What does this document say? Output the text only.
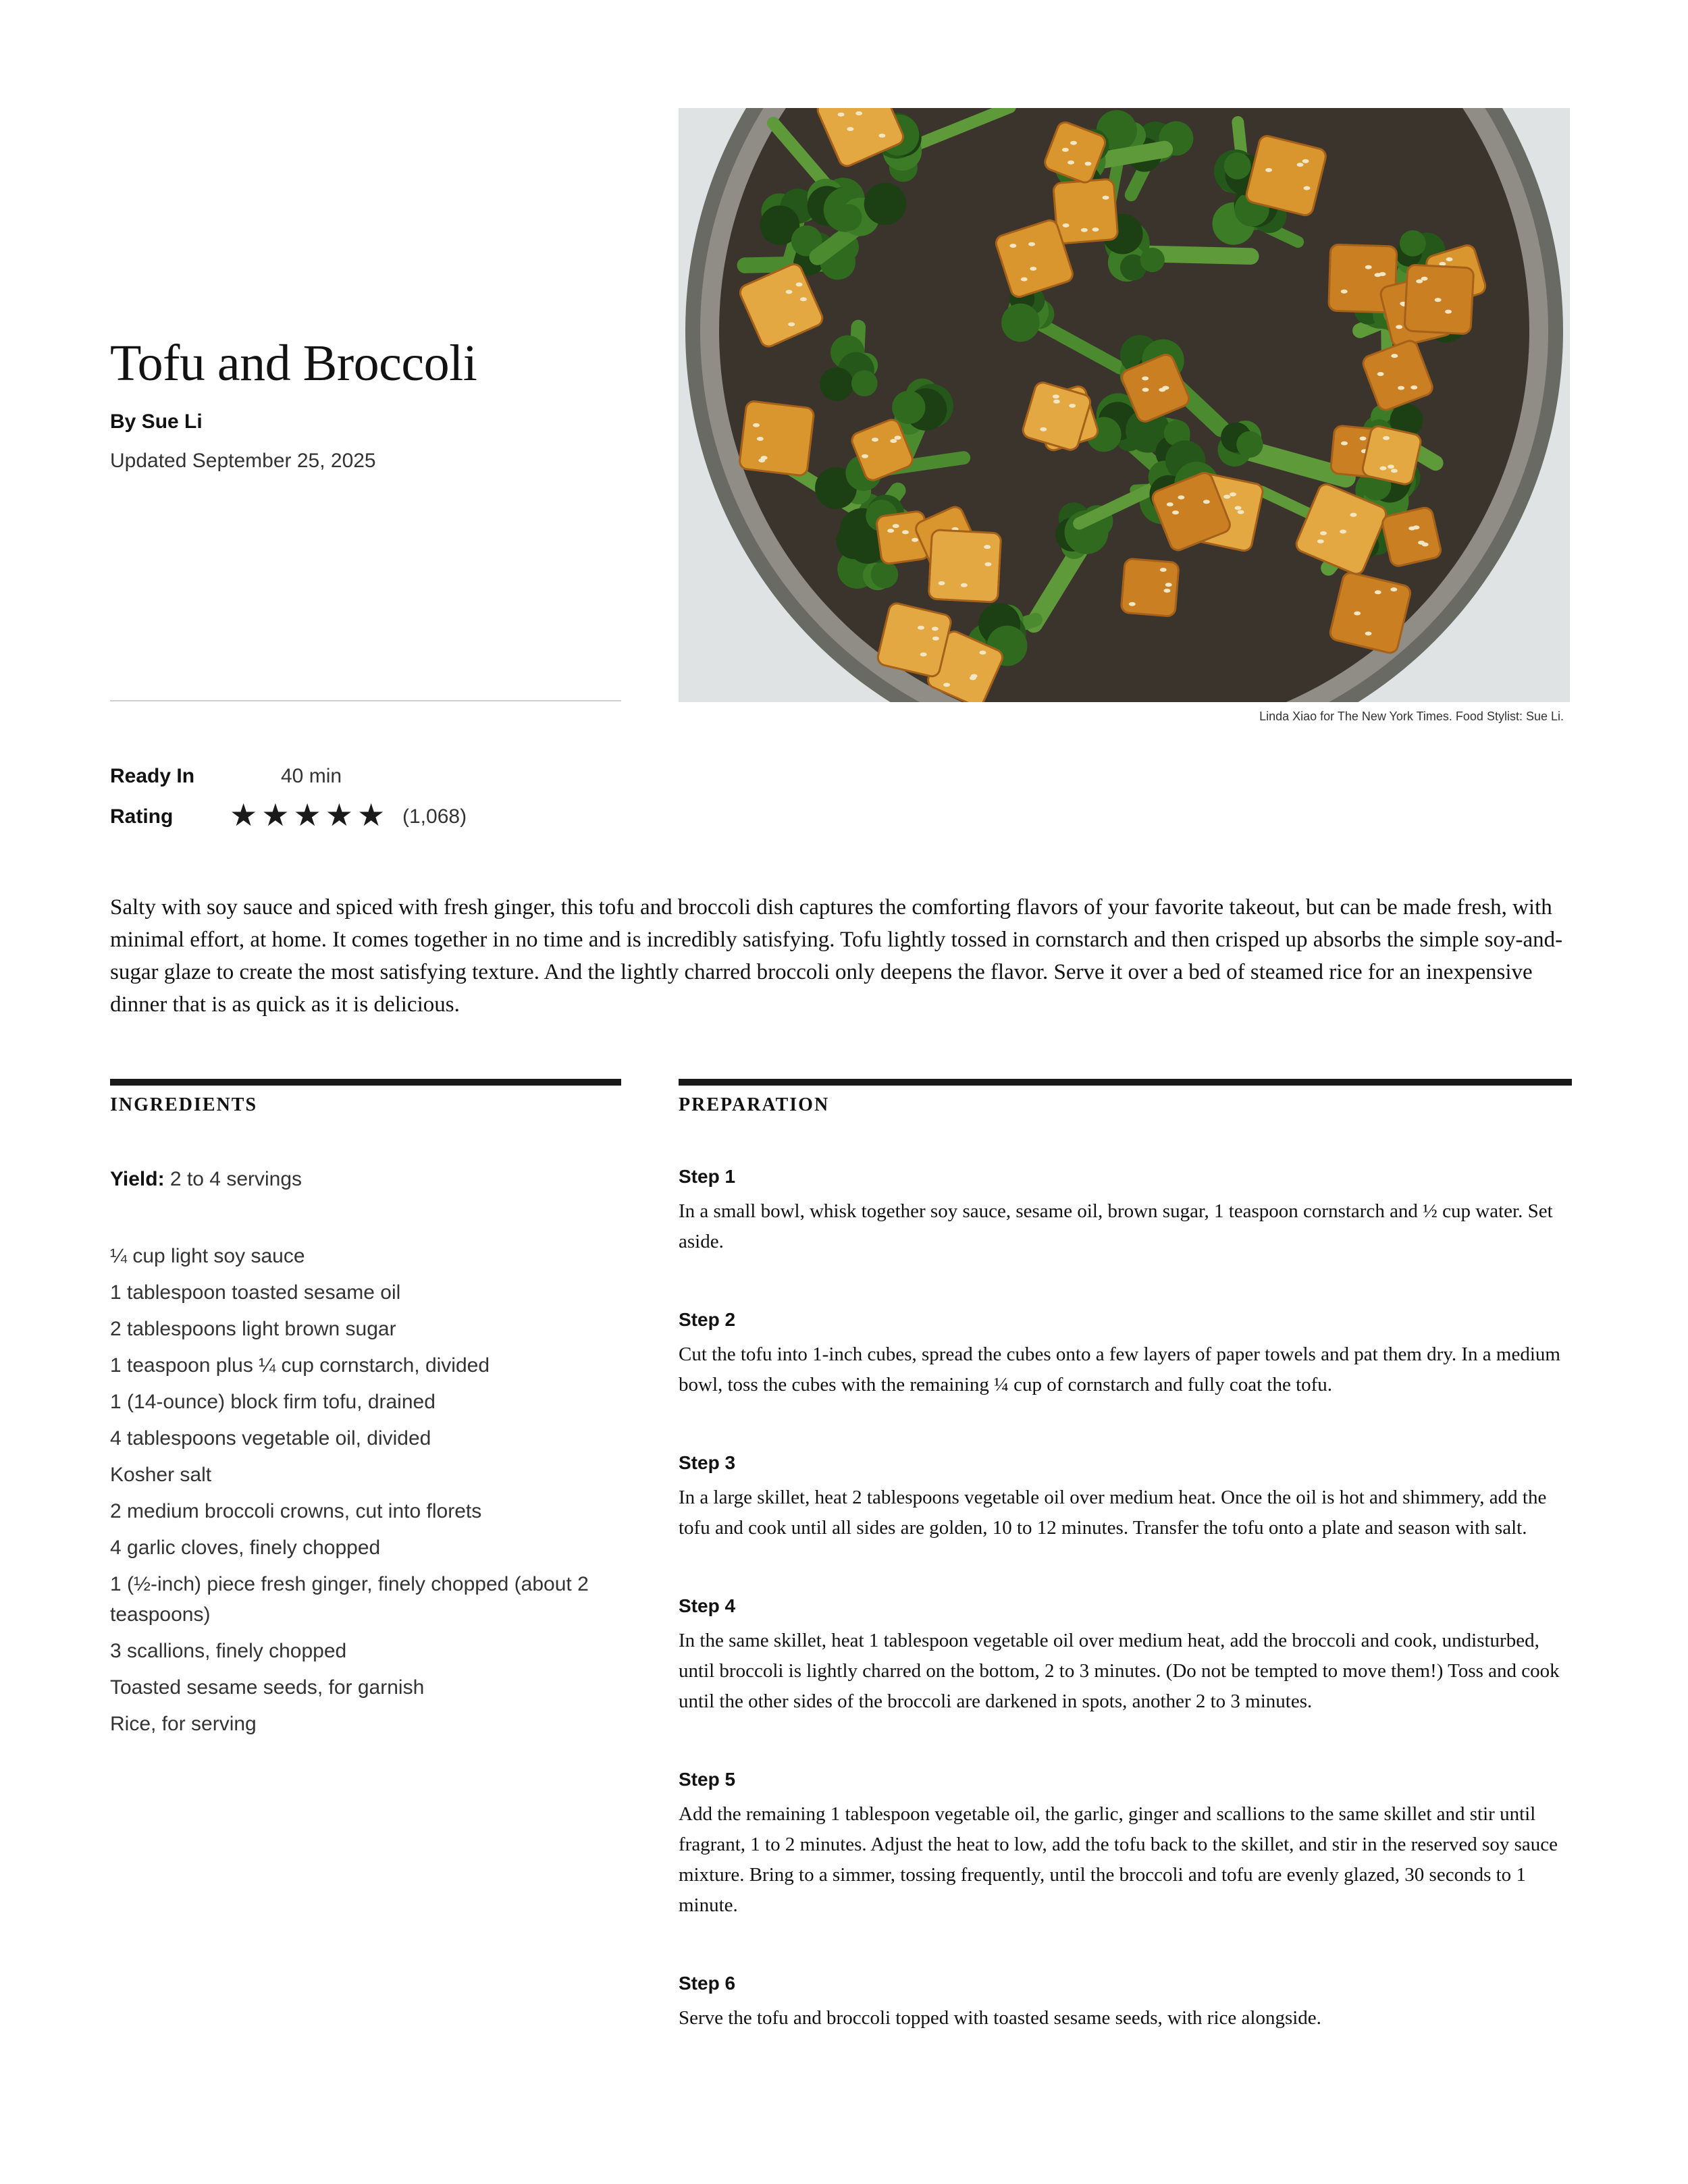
Tofu and Broccoli
By Sue Li
Updated September 25, 2025
Linda Xiao for The New York Times. Food Stylist: Sue Li.
Ready In	40 min
Rating ★ ★ ★ ★ ★ (1,068)

Salty with soy sauce and spiced with fresh ginger, this tofu and broccoli dish captures the comforting flavors of your favorite takeout, but can be made fresh, with minimal effort, at home. It comes together in no time and is incredibly satisfying. Tofu lightly tossed in cornstarch and then crisped up absorbs the simple soy-and-sugar glaze to create the most satisfying texture. And the lightly charred broccoli only deepens the flavor. Serve it over a bed of steamed rice for an inexpensive dinner that is as quick as it is delicious.

INGREDIENTS
Yield: 2 to 4 servings
¼ cup light soy sauce
1 tablespoon toasted sesame oil
2 tablespoons light brown sugar
1 teaspoon plus ¼ cup cornstarch, divided
1 (14-ounce) block firm tofu, drained
4 tablespoons vegetable oil, divided
Kosher salt
2 medium broccoli crowns, cut into florets
4 garlic cloves, finely chopped
1 (½-inch) piece fresh ginger, finely chopped (about 2 teaspoons)
3 scallions, finely chopped
Toasted sesame seeds, for garnish
Rice, for serving
PREPARATION
Step 1

In a small bowl, whisk together soy sauce, sesame oil, brown sugar, 1 teaspoon cornstarch and ½ cup water. Set aside.

Step 2

Cut the tofu into 1-inch cubes, spread the cubes onto a few layers of paper towels and pat them dry. In a medium bowl, toss the cubes with the remaining ¼ cup of cornstarch and fully coat the tofu.

Step 3

In a large skillet, heat 2 tablespoons vegetable oil over medium heat. Once the oil is hot and shimmery, add the tofu and cook until all sides are golden, 10 to 12 minutes. Transfer the tofu onto a plate and season with salt.

Step 4

In the same skillet, heat 1 tablespoon vegetable oil over medium heat, add the broccoli and cook, undisturbed, until broccoli is lightly charred on the bottom, 2 to 3 minutes. (Do not be tempted to move them!) Toss and cook until the other sides of the broccoli are darkened in spots, another 2 to 3 minutes.

Step 5

Add the remaining 1 tablespoon vegetable oil, the garlic, ginger and scallions to the same skillet and stir until fragrant, 1 to 2 minutes. Adjust the heat to low, add the tofu back to the skillet, and stir in the reserved soy sauce mixture. Bring to a simmer, tossing frequently, until the broccoli and tofu are evenly glazed, 30 seconds to 1 minute.

Step 6

Serve the tofu and broccoli topped with toasted sesame seeds, with rice alongside.
